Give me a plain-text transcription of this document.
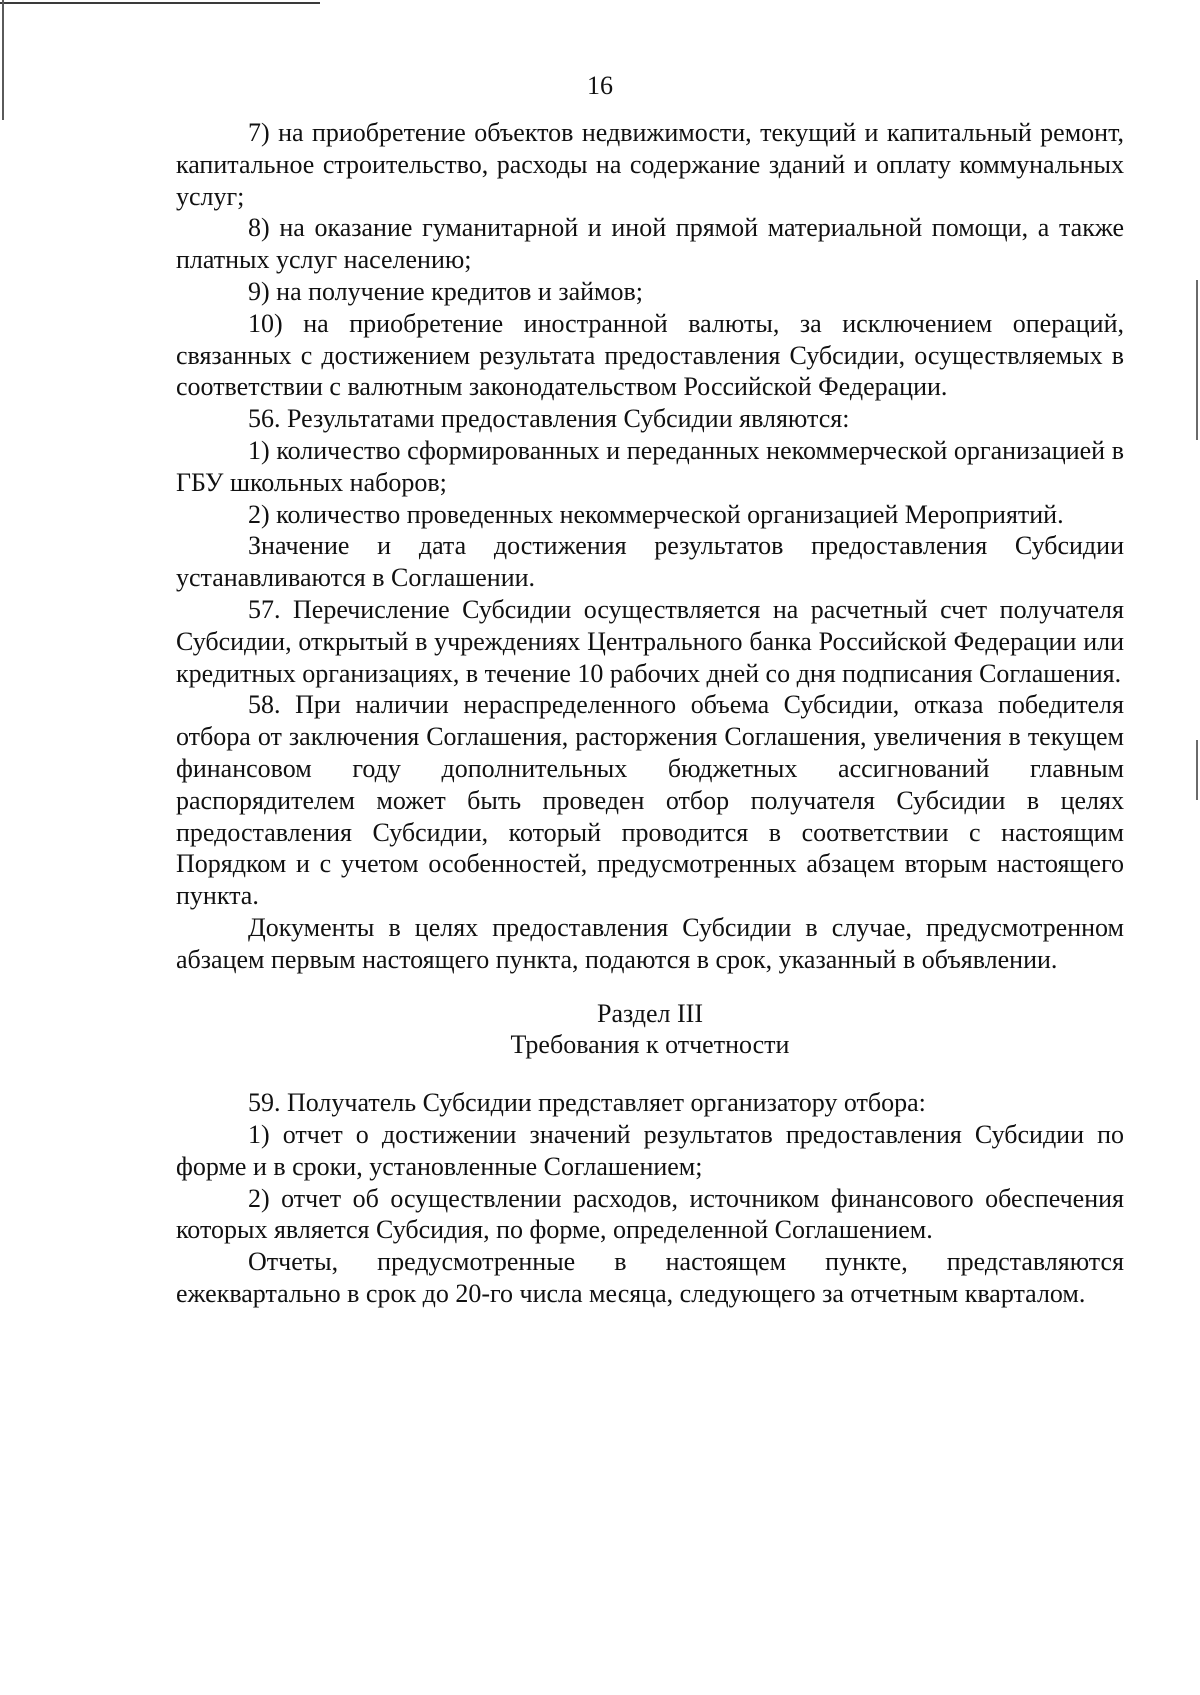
16

7) на приобретение объектов недвижимости, текущий и капитальный ремонт, капитальное строительство, расходы на содержание зданий и оплату коммунальных услуг;

8) на оказание гуманитарной и иной прямой материальной помощи, а также платных услуг населению;

9) на получение кредитов и займов;

10) на приобретение иностранной валюты, за исключением операций, связанных с достижением результата предоставления Субсидии, осуществляемых в соответствии с валютным законодательством Российской Федерации.

56. Результатами предоставления Субсидии являются:

1) количество сформированных и переданных некоммерческой организацией в ГБУ школьных наборов;

2) количество проведенных некоммерческой организацией Мероприятий.

Значение и дата достижения результатов предоставления Субсидии устанавливаются в Соглашении.

57. Перечисление Субсидии осуществляется на расчетный счет получателя Субсидии, открытый в учреждениях Центрального банка Российской Федерации или кредитных организациях, в течение 10 рабочих дней со дня подписания Соглашения.

58. При наличии нераспределенного объема Субсидии, отказа победителя отбора от заключения Соглашения, расторжения Соглашения, увеличения в текущем финансовом году дополнительных бюджетных ассигнований главным распорядителем может быть проведен отбор получателя Субсидии в целях предоставления Субсидии, который проводится в соответствии с настоящим Порядком и с учетом особенностей, предусмотренных абзацем вторым настоящего пункта.

Документы в целях предоставления Субсидии в случае, предусмотренном абзацем первым настоящего пункта, подаются в срок, указанный в объявлении.

Раздел III

Требования к отчетности

59. Получатель Субсидии представляет организатору отбора:

1) отчет о достижении значений результатов предоставления Субсидии по форме и в сроки, установленные Соглашением;

2) отчет об осуществлении расходов, источником финансового обеспечения которых является Субсидия, по форме, определенной Соглашением.

Отчеты, предусмотренные в настоящем пункте, представляются ежеквартально в срок до 20-го числа месяца, следующего за отчетным кварталом.
